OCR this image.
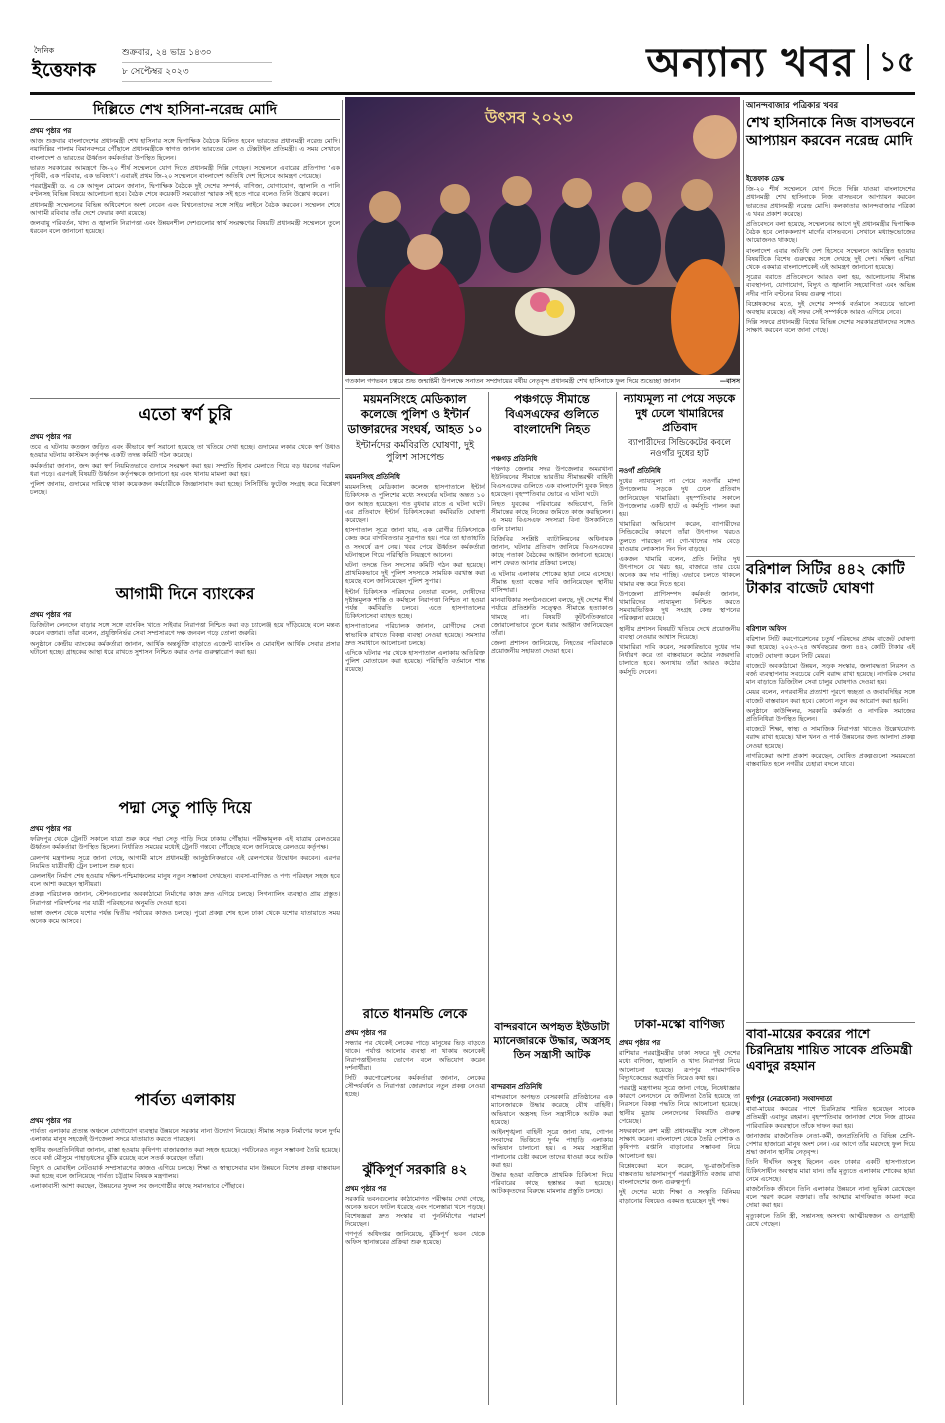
দৈনিক
ইত্তেফাক
শুক্রবার, ২৪ ভাদ্র ১৪৩০
৮ সেপ্টেম্বর ২০২৩	অন্যান্য খবর ১৫
দিল্লিতে শেখ হাসিনা-নরেন্দ্র মোদি
প্রথম পৃষ্ঠার পর

আজ শুক্রবার বাংলাদেশের প্রধানমন্ত্রী শেখ হাসিনার সঙ্গে দ্বিপাক্ষিক বৈঠকে মিলিত হবেন ভারতের প্রধানমন্ত্রী নরেন্দ্র মোদি। নয়াদিল্লির পালাম বিমানবন্দরে পৌঁছালে প্রধানমন্ত্রীকে স্বাগত জানান ভারতের রেল ও টেক্সটাইল প্রতিমন্ত্রী। এ সময় সেখানে বাংলাদেশ ও ভারতের ঊর্ধ্বতন কর্মকর্তারা উপস্থিত ছিলেন।

ভারত সরকারের আমন্ত্রণে জি-২০ শীর্ষ সম্মেলনে যোগ দিতে প্রধানমন্ত্রী দিল্লি গেছেন। সম্মেলনে এবারের প্রতিপাদ্য ‘এক পৃথিবী, এক পরিবার, এক ভবিষ্যৎ’। এবারই প্রথম জি-২০ সম্মেলনে বাংলাদেশ অতিথি দেশ হিসেবে আমন্ত্রণ পেয়েছে।

পররাষ্ট্রমন্ত্রী ড. এ কে আব্দুল মোমেন জানান, দ্বিপাক্ষিক বৈঠকে দুই দেশের সম্পর্ক, বাণিজ্য, যোগাযোগ, জ্বালানি ও পানি বণ্টনসহ বিভিন্ন বিষয়ে আলোচনা হবে। বৈঠক শেষে কয়েকটি সমঝোতা স্মারক সই হতে পারে বলেও তিনি উল্লেখ করেন।

প্রধানমন্ত্রী সম্মেলনের বিভিন্ন অধিবেশনে অংশ নেবেন এবং বিশ্বনেতাদের সঙ্গে সাইড লাইনে বৈঠক করবেন। সম্মেলন শেষে আগামী রবিবার তাঁর দেশে ফেরার কথা রয়েছে।

জলবায়ু পরিবর্তন, খাদ্য ও জ্বালানি নিরাপত্তা এবং উন্নয়নশীল দেশগুলোর স্বার্থ সংরক্ষণের বিষয়টি প্রধানমন্ত্রী সম্মেলনে তুলে ধরবেন বলে জানানো হয়েছে।

এতো স্বর্ণ চুরি
প্রথম পৃষ্ঠার পর

তবে এ ঘটনায় কতজন জড়িত এবং কীভাবে স্বর্ণ সরানো হয়েছে তা খতিয়ে দেখা হচ্ছে। গুদামের লকার থেকে স্বর্ণ উধাও হওয়ার ঘটনায় কাস্টমস কর্তৃপক্ষ একটি তদন্ত কমিটি গঠন করেছে।

কর্মকর্তারা জানান, জব্দ করা স্বর্ণ নিয়মিতভাবে গুদামে সংরক্ষণ করা হয়। সম্প্রতি হিসাব মেলাতে গিয়ে বড় ধরনের গরমিল ধরা পড়ে। এরপরই বিষয়টি উর্ধ্বতন কর্তৃপক্ষকে জানানো হয় এবং থানায় মামলা করা হয়।

পুলিশ জানায়, গুদামের দায়িত্বে থাকা কয়েকজন কর্মচারীকে জিজ্ঞাসাবাদ করা হচ্ছে। সিসিটিভি ফুটেজ সংগ্রহ করে বিশ্লেষণ চলছে।

আগামী দিনে ব্যাংকের
প্রথম পৃষ্ঠার পর

ডিজিটাল লেনদেন বাড়ার সঙ্গে সঙ্গে ব্যাংকিং খাতে সাইবার নিরাপত্তা নিশ্চিত করা বড় চ্যালেঞ্জ হয়ে দাঁড়িয়েছে বলে মন্তব্য করেন বক্তারা। তাঁরা বলেন, প্রযুক্তিনির্ভর সেবা সম্প্রসারণে দক্ষ জনবল গড়ে তোলা জরুরি।

অনুষ্ঠানে কেন্দ্রীয় ব্যাংকের কর্মকর্তারা জানান, আর্থিক অন্তর্ভুক্তি বাড়াতে এজেন্ট ব্যাংকিং ও মোবাইল আর্থিক সেবার প্রসার ঘটানো হচ্ছে। গ্রাহকের আস্থা ধরে রাখতে সুশাসন নিশ্চিত করার ওপর গুরুত্বারোপ করা হয়।

পদ্মা সেতু পাড়ি দিয়ে
প্রথম পৃষ্ঠার পর

ফরিদপুর থেকে ট্রেনটি সকালে যাত্রা শুরু করে পদ্মা সেতু পাড়ি দিয়ে ঢাকায় পৌঁছায়। পরীক্ষামূলক এই যাত্রায় রেলওয়ের ঊর্ধ্বতন কর্মকর্তারা উপস্থিত ছিলেন। নির্ধারিত সময়ের মধ্যেই ট্রেনটি গন্তব্যে পৌঁছেছে বলে জানিয়েছে রেলওয়ে কর্তৃপক্ষ।

রেলপথ মন্ত্রণালয় সূত্রে জানা গেছে, আগামী মাসে প্রধানমন্ত্রী আনুষ্ঠানিকভাবে এই রেলপথের উদ্বোধন করবেন। এরপর নিয়মিত যাত্রীবাহী ট্রেন চলাচল শুরু হবে।

রেললাইন নির্মাণ শেষ হওয়ায় দক্ষিণ-পশ্চিমাঞ্চলের মানুষ নতুন সম্ভাবনা দেখছেন। ব্যবসা-বাণিজ্য ও পণ্য পরিবহন সহজ হবে বলে আশা করছেন স্থানীয়রা।

প্রকল্প পরিচালক জানান, স্টেশনগুলোর অবকাঠামো নির্মাণের কাজ দ্রুত এগিয়ে চলছে। সিগন্যালিং ব্যবস্থাও প্রায় প্রস্তুত। নিরাপত্তা পরিদর্শনের পর যাত্রী পরিবহনের অনুমতি দেওয়া হবে।

ভাঙ্গা জংশন থেকে যশোর পর্যন্ত দ্বিতীয় পর্যায়ের কাজও চলছে। পুরো প্রকল্প শেষ হলে ঢাকা থেকে যশোর যাতায়াতে সময় অনেক কমে আসবে।

পার্বত্য এলাকায়
প্রথম পৃষ্ঠার পর

পার্বত্য এলাকার প্রত্যন্ত অঞ্চলে যোগাযোগ ব্যবস্থার উন্নয়নে সরকার নানা উদ্যোগ নিয়েছে। সীমান্ত সড়ক নির্মাণের ফলে দুর্গম এলাকার মানুষ সহজেই উপজেলা সদরে যাতায়াত করতে পারছেন।

স্থানীয় জনপ্রতিনিধিরা জানান, রাস্তা হওয়ায় কৃষিপণ্য বাজারজাত করা সহজ হয়েছে। পর্যটনেরও নতুন সম্ভাবনা তৈরি হয়েছে। তবে বর্ষা মৌসুমে পাহাড়ধসের ঝুঁকি রয়েছে বলে সতর্ক করেছেন তাঁরা।

বিদ্যুৎ ও মোবাইল নেটওয়ার্ক সম্প্রসারণের কাজও এগিয়ে চলছে। শিক্ষা ও স্বাস্থ্যসেবার মান উন্নয়নে বিশেষ প্রকল্প বাস্তবায়ন করা হচ্ছে বলে জানিয়েছে পার্বত্য চট্টগ্রাম বিষয়ক মন্ত্রণালয়।

এলাকাবাসী আশা করছেন, উন্নয়নের সুফল সব জনগোষ্ঠীর কাছে সমানভাবে পৌঁছাবে।

উৎসব ২০২৩
গতকাল গণভবন চত্বরে শুভ জন্মাষ্টমী উপলক্ষে সনাতন সম্প্রদায়ের বর্ষীয় নেতৃবৃন্দ প্রধানমন্ত্রী শেখ হাসিনাকে ফুল দিয়ে শুভেচ্ছা জানান	—বাসস
ময়মনসিংহে মেডিক্যাল কলেজে পুলিশ ও ইন্টার্ন ডাক্তারদের সংঘর্ষ, আহত ১০
ইন্টার্নদের কর্মবিরতি ঘোষণা, দুই পুলিশ সাসপেন্ড
ময়মনসিংহ প্রতিনিধি

ময়মনসিংহ মেডিক্যাল কলেজ হাসপাতালে ইন্টার্ন চিকিৎসক ও পুলিশের মধ্যে সংঘর্ষের ঘটনায় অন্তত ১০ জন আহত হয়েছেন। গত বুধবার রাতে এ ঘটনা ঘটে। এর প্রতিবাদে ইন্টার্ন চিকিৎসকেরা কর্মবিরতি ঘোষণা করেছেন।

হাসপাতাল সূত্রে জানা যায়, এক রোগীর চিকিৎসাকে কেন্দ্র করে বাগবিতণ্ডার সূত্রপাত হয়। পরে তা হাতাহাতি ও সংঘর্ষে রূপ নেয়। খবর পেয়ে ঊর্ধ্বতন কর্মকর্তারা ঘটনাস্থলে গিয়ে পরিস্থিতি নিয়ন্ত্রণে আনেন।

ঘটনা তদন্তে তিন সদস্যের কমিটি গঠন করা হয়েছে। প্রাথমিকভাবে দুই পুলিশ সদস্যকে সাময়িক বরখাস্ত করা হয়েছে বলে জানিয়েছেন পুলিশ সুপার।

ইন্টার্ন চিকিৎসক পরিষদের নেতারা বলেন, দোষীদের দৃষ্টান্তমূলক শাস্তি ও কর্মস্থলে নিরাপত্তা নিশ্চিত না হওয়া পর্যন্ত কর্মবিরতি চলবে। এতে হাসপাতালের চিকিৎসাসেবা ব্যাহত হচ্ছে।

হাসপাতালের পরিচালক জানান, রোগীদের সেবা স্বাভাবিক রাখতে বিকল্প ব্যবস্থা নেওয়া হয়েছে। সমস্যার দ্রুত সমাধানে আলোচনা চলছে।

এদিকে ঘটনার পর থেকে হাসপাতাল এলাকায় অতিরিক্ত পুলিশ মোতায়েন করা হয়েছে। পরিস্থিতি বর্তমানে শান্ত রয়েছে।

রাতে ধানমন্ডি লেকে
প্রথম পৃষ্ঠার পর

সন্ধ্যার পর থেকেই লেকের পাড়ে মানুষের ভিড় বাড়তে থাকে। পর্যাপ্ত আলোর ব্যবস্থা না থাকায় অনেকেই নিরাপত্তাহীনতায় ভোগেন বলে অভিযোগ করেন দর্শনার্থীরা।

সিটি করপোরেশনের কর্মকর্তারা জানান, লেকের সৌন্দর্যবর্ধন ও নিরাপত্তা জোরদারে নতুন প্রকল্প নেওয়া হচ্ছে।

ঝুঁকিপূর্ণ সরকারি ৪২
প্রথম পৃষ্ঠার পর

সরকারি ভবনগুলোর কাঠামোগত পরীক্ষায় দেখা গেছে, অনেক ভবনে ফাটল ধরেছে এবং পলেস্তারা খসে পড়ছে। বিশেষজ্ঞরা দ্রুত সংস্কার বা পুনর্নির্মাণের পরামর্শ দিয়েছেন।

গণপূর্ত অধিদপ্তর জানিয়েছে, ঝুঁকিপূর্ণ ভবন থেকে অফিস স্থানান্তরের প্রক্রিয়া শুরু হয়েছে।

পঞ্চগড়ে সীমান্তে বিএসএফের গুলিতে বাংলাদেশি নিহত
পঞ্চগড় প্রতিনিধি

পঞ্চগড় জেলার সদর উপজেলার অমরখানা ইউনিয়নের সীমান্তে ভারতীয় সীমান্তরক্ষী বাহিনী বিএসএফের গুলিতে এক বাংলাদেশি যুবক নিহত হয়েছেন। বৃহস্পতিবার ভোরে এ ঘটনা ঘটে।

নিহত যুবকের পরিবারের অভিযোগ, তিনি সীমান্তের কাছে নিজের জমিতে কাজ করছিলেন। এ সময় বিএসএফ সদস্যরা বিনা উসকানিতে গুলি চালায়।

বিজিবির সংশ্লিষ্ট ব্যাটালিয়নের অধিনায়ক জানান, ঘটনার প্রতিবাদ জানিয়ে বিএসএফের কাছে পতাকা বৈঠকের আহ্বান জানানো হয়েছে। লাশ ফেরত আনার প্রক্রিয়া চলছে।

এ ঘটনায় এলাকায় শোকের ছায়া নেমে এসেছে। সীমান্ত হত্যা বন্ধের দাবি জানিয়েছেন স্থানীয় বাসিন্দারা।

মানবাধিকার সংগঠনগুলো বলছে, দুই দেশের শীর্ষ পর্যায়ে প্রতিশ্রুতি সত্ত্বেও সীমান্তে হত্যাকাণ্ড থামছে না। বিষয়টি কূটনৈতিকভাবে জোরালোভাবে তুলে ধরার আহ্বান জানিয়েছেন তাঁরা।

জেলা প্রশাসন জানিয়েছে, নিহতের পরিবারকে প্রয়োজনীয় সহায়তা দেওয়া হবে।

বান্দরবানে অপহৃত ইউডাটা ম্যানেজারকে উদ্ধার, অস্ত্রসহ তিন সন্ত্রাসী আটক
বান্দরবান প্রতিনিধি

বান্দরবানে অপহৃত বেসরকারি প্রতিষ্ঠানের এক ম্যানেজারকে উদ্ধার করেছে যৌথ বাহিনী। অভিযানে অস্ত্রসহ তিন সন্ত্রাসীকে আটক করা হয়েছে।

আইনশৃঙ্খলা বাহিনী সূত্রে জানা যায়, গোপন সংবাদের ভিত্তিতে দুর্গম পাহাড়ি এলাকায় অভিযান চালানো হয়। এ সময় সন্ত্রাসীরা পালানোর চেষ্টা করলে তাদের ধাওয়া করে আটক করা হয়।

উদ্ধার হওয়া ব্যক্তিকে প্রাথমিক চিকিৎসা দিয়ে পরিবারের কাছে হস্তান্তর করা হয়েছে। আটককৃতদের বিরুদ্ধে মামলার প্রস্তুতি চলছে।

ন্যায্যমূল্য না পেয়ে সড়কে দুধ ঢেলে খামারিদের প্রতিবাদ
ব্যাপারীদের সিন্ডিকেটের কবলে নওগাঁর দুধের হাট
নওগাঁ প্রতিনিধি

দুধের ন্যায্যমূল্য না পেয়ে নওগাঁর মান্দা উপজেলায় সড়কে দুধ ঢেলে প্রতিবাদ জানিয়েছেন খামারিরা। বৃহস্পতিবার সকালে উপজেলার একটি হাটে এ কর্মসূচি পালন করা হয়।

খামারিরা অভিযোগ করেন, ব্যাপারীদের সিন্ডিকেটের কারণে তাঁরা উৎপাদন খরচও তুলতে পারছেন না। গো-খাদ্যের দাম বেড়ে যাওয়ায় লোকসান দিন দিন বাড়ছে।

একজন খামারি বলেন, প্রতি লিটার দুধ উৎপাদনে যে খরচ হয়, বাজারে তার চেয়ে অনেক কম দাম পাচ্ছি। এভাবে চলতে থাকলে খামার বন্ধ করে দিতে হবে।

উপজেলা প্রাণিসম্পদ কর্মকর্তা জানান, খামারিদের ন্যায্যমূল্য নিশ্চিত করতে সমবায়ভিত্তিক দুধ সংগ্রহ কেন্দ্র স্থাপনের পরিকল্পনা রয়েছে।

স্থানীয় প্রশাসন বিষয়টি খতিয়ে দেখে প্রয়োজনীয় ব্যবস্থা নেওয়ার আশ্বাস দিয়েছে।

খামারিরা দাবি করেন, সরকারিভাবে দুধের দাম নির্ধারণ করে তা বাস্তবায়নে কঠোর নজরদারি চালাতে হবে। অন্যথায় তাঁরা আরও কঠোর কর্মসূচি দেবেন।

ঢাকা-মস্কো বাণিজ্য
প্রথম পৃষ্ঠার পর

রাশিয়ার পররাষ্ট্রমন্ত্রীর ঢাকা সফরে দুই দেশের মধ্যে বাণিজ্য, জ্বালানি ও খাদ্য নিরাপত্তা নিয়ে আলোচনা হয়েছে। রূপপুর পারমাণবিক বিদ্যুৎকেন্দ্রের অগ্রগতি নিয়েও কথা হয়।

পররাষ্ট্র মন্ত্রণালয় সূত্রে জানা গেছে, নিষেধাজ্ঞার কারণে লেনদেনে যে জটিলতা তৈরি হয়েছে তা নিরসনে বিকল্প পদ্ধতি নিয়ে আলোচনা হয়েছে। স্থানীয় মুদ্রায় লেনদেনের বিষয়টিও গুরুত্ব পেয়েছে।

সফরকালে রুশ মন্ত্রী প্রধানমন্ত্রীর সঙ্গে সৌজন্য সাক্ষাৎ করেন। বাংলাদেশ থেকে তৈরি পোশাক ও কৃষিপণ্য রপ্তানি বাড়ানোর সম্ভাবনা নিয়ে আলোচনা হয়।

বিশ্লেষকেরা মনে করেন, ভূ-রাজনৈতিক বাস্তবতায় ভারসাম্যপূর্ণ পররাষ্ট্রনীতি বজায় রাখা বাংলাদেশের জন্য গুরুত্বপূর্ণ।

দুই দেশের মধ্যে শিক্ষা ও সংস্কৃতি বিনিময় বাড়ানোর বিষয়েও একমত হয়েছেন দুই পক্ষ।

আনন্দবাজার পত্রিকার খবর
শেখ হাসিনাকে নিজ বাসভবনে আপ্যায়ন করবেন নরেন্দ্র মোদি
ইত্তেফাক ডেস্ক

জি-২০ শীর্ষ সম্মেলনে যোগ দিতে দিল্লি যাওয়া বাংলাদেশের প্রধানমন্ত্রী শেখ হাসিনাকে নিজ বাসভবনে আপ্যায়ন করবেন ভারতের প্রধানমন্ত্রী নরেন্দ্র মোদি। কলকাতার আনন্দবাজার পত্রিকা এ খবর প্রকাশ করেছে।

প্রতিবেদনে বলা হয়েছে, সম্মেলনের আগে দুই প্রধানমন্ত্রীর দ্বিপাক্ষিক বৈঠক হবে লোককল্যাণ মার্গের বাসভবনে। সেখানে মধ্যাহ্নভোজের আয়োজনও থাকছে।

বাংলাদেশ এবার অতিথি দেশ হিসেবে সম্মেলনে আমন্ত্রিত হওয়ায় বিষয়টিকে বিশেষ গুরুত্বের সঙ্গে দেখছে দুই দেশ। দক্ষিণ এশিয়া থেকে একমাত্র বাংলাদেশকেই এই আমন্ত্রণ জানানো হয়েছে।

সূত্রের বরাতে প্রতিবেদনে আরও বলা হয়, আলোচনায় সীমান্ত ব্যবস্থাপনা, যোগাযোগ, বিদ্যুৎ ও জ্বালানি সহযোগিতা এবং অভিন্ন নদীর পানি বণ্টনের বিষয় গুরুত্ব পাবে।

বিশ্লেষকদের মতে, দুই দেশের সম্পর্ক বর্তমানে সবচেয়ে ভালো অবস্থায় রয়েছে। এই সফর সেই সম্পর্ককে আরও এগিয়ে নেবে।

দিল্লি সফরে প্রধানমন্ত্রী বিশ্বের বিভিন্ন দেশের সরকারপ্রধানদের সঙ্গেও সাক্ষাৎ করবেন বলে জানা গেছে।

বরিশাল সিটির ৪৪২ কোটি টাকার বাজেট ঘোষণা
বরিশাল অফিস

বরিশাল সিটি করপোরেশনের চতুর্থ পরিষদের প্রথম বাজেট ঘোষণা করা হয়েছে। ২০২৩-২৪ অর্থবছরের জন্য ৪৪২ কোটি টাকার এই বাজেট ঘোষণা করেন সিটি মেয়র।

বাজেটে অবকাঠামো উন্নয়ন, সড়ক সংস্কার, জলাবদ্ধতা নিরসন ও বর্জ্য ব্যবস্থাপনায় সবচেয়ে বেশি বরাদ্দ রাখা হয়েছে। নাগরিক সেবার মান বাড়াতে ডিজিটাল সেবা চালুর ঘোষণাও দেওয়া হয়।

মেয়র বলেন, নগরবাসীর প্রত্যাশা পূরণে স্বচ্ছতা ও জবাবদিহির সঙ্গে বাজেট বাস্তবায়ন করা হবে। কোনো নতুন কর আরোপ করা হয়নি।

অনুষ্ঠানে কাউন্সিলর, সরকারি কর্মকর্তা ও নাগরিক সমাজের প্রতিনিধিরা উপস্থিত ছিলেন।

বাজেটে শিক্ষা, স্বাস্থ্য ও সামাজিক নিরাপত্তা খাতেও উল্লেখযোগ্য বরাদ্দ রাখা হয়েছে। খাল খনন ও পার্ক উন্নয়নের জন্য আলাদা প্রকল্প নেওয়া হয়েছে।

নাগরিকেরা আশা প্রকাশ করেছেন, ঘোষিত প্রকল্পগুলো সময়মতো বাস্তবায়িত হলে নগরীর চেহারা বদলে যাবে।

বাবা-মায়ের কবরের পাশে চিরনিদ্রায় শায়িত সাবেক প্রতিমন্ত্রী এবাদুর রহমান
দুর্গাপুর (নেত্রকোনা) সংবাদদাতা

বাবা-মায়ের কবরের পাশে চিরনিদ্রায় শায়িত হয়েছেন সাবেক প্রতিমন্ত্রী এবাদুর রহমান। বৃহস্পতিবার জানাজা শেষে নিজ গ্রামের পারিবারিক কবরস্থানে তাঁকে দাফন করা হয়।

জানাজায় রাজনৈতিক নেতা-কর্মী, জনপ্রতিনিধি ও বিভিন্ন শ্রেণি-পেশার হাজারো মানুষ অংশ নেন। এর আগে তাঁর মরদেহে ফুল দিয়ে শ্রদ্ধা জানান স্থানীয় নেতৃবৃন্দ।

তিনি দীর্ঘদিন অসুস্থ ছিলেন এবং ঢাকার একটি হাসপাতালে চিকিৎসাধীন অবস্থায় মারা যান। তাঁর মৃত্যুতে এলাকায় শোকের ছায়া নেমে এসেছে।

রাজনৈতিক জীবনে তিনি এলাকার উন্নয়নে নানা ভূমিকা রেখেছেন বলে স্মরণ করেন বক্তারা। তাঁর আত্মার মাগফিরাত কামনা করে দোয়া করা হয়।

মৃত্যুকালে তিনি স্ত্রী, সন্তানসহ অসংখ্য আত্মীয়স্বজন ও গুণগ্রাহী রেখে গেছেন।
